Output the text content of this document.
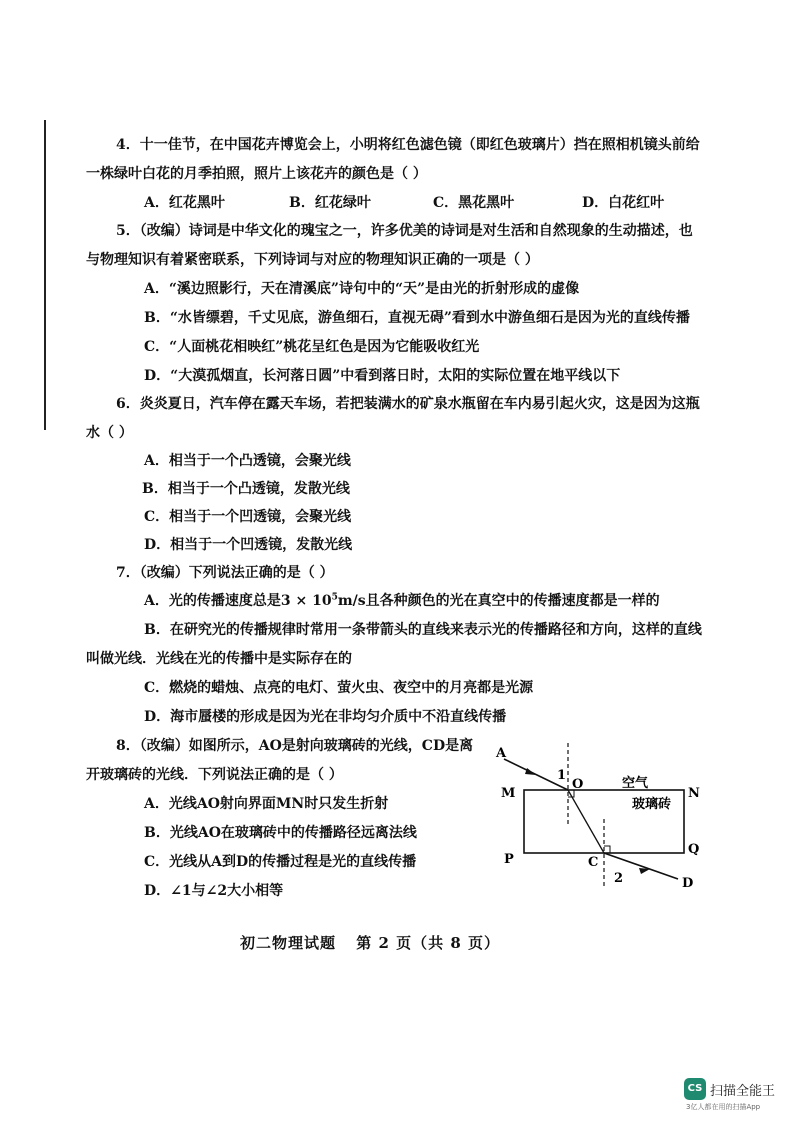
4．十一佳节，在中国花卉博览会上，小明将红色滤色镜（即红色玻璃片）挡在照相机镜头前给
一株绿叶白花的月季拍照，照片上该花卉的颜色是（ ）
A．红花黑叶	B．红花绿叶	C．黑花黑叶	D．白花红叶
5．（改编）诗词是中华文化的瑰宝之一，许多优美的诗词是对生活和自然现象的生动描述，也
与物理知识有着紧密联系，下列诗词与对应的物理知识正确的一项是（ ）
A．“溪边照影行，天在清溪底”诗句中的“天”是由光的折射形成的虚像
B．“水皆缥碧，千丈见底，游鱼细石，直视无碍”看到水中游鱼细石是因为光的直线传播
C．“人面桃花相映红”桃花呈红色是因为它能吸收红光
D．“大漠孤烟直，长河落日圆”中看到落日时，太阳的实际位置在地平线以下
6．炎炎夏日，汽车停在露天车场，若把装满水的矿泉水瓶留在车内易引起火灾，这是因为这瓶
水（ ）
A．相当于一个凸透镜，会聚光线
B．相当于一个凸透镜，发散光线
C．相当于一个凹透镜，会聚光线
D．相当于一个凹透镜，发散光线
7．（改编）下列说法正确的是（ ）
A．光的传播速度总是$3 \times 10^5m/s$且各种颜色的光在真空中的传播速度都是一样的
B．在研究光的传播规律时常用一条带箭头的直线来表示光的传播路径和方向，这样的直线
叫做光线．光线在光的传播中是实际存在的
C．燃烧的蜡烛、点亮的电灯、萤火虫、夜空中的月亮都是光源
D．海市蜃楼的形成是因为光在非均匀介质中不沿直线传播
8．（改编）如图所示，AO是射向玻璃砖的光线，CD是离
开玻璃砖的光线．下列说法正确的是（ ）
A．光线AO射向界面MN时只发生折射
B．光线AO在玻璃砖中的传播路径远离法线
C．光线从A到D的传播过程是光的直线传播
D．∠1与∠2大小相等
A
1
O	空气
M	N
玻璃砖
P
Q
C
2	D
初二物理试题 第 2 页（共 8 页）
CS 扫描全能王
3亿人都在用的扫描App
